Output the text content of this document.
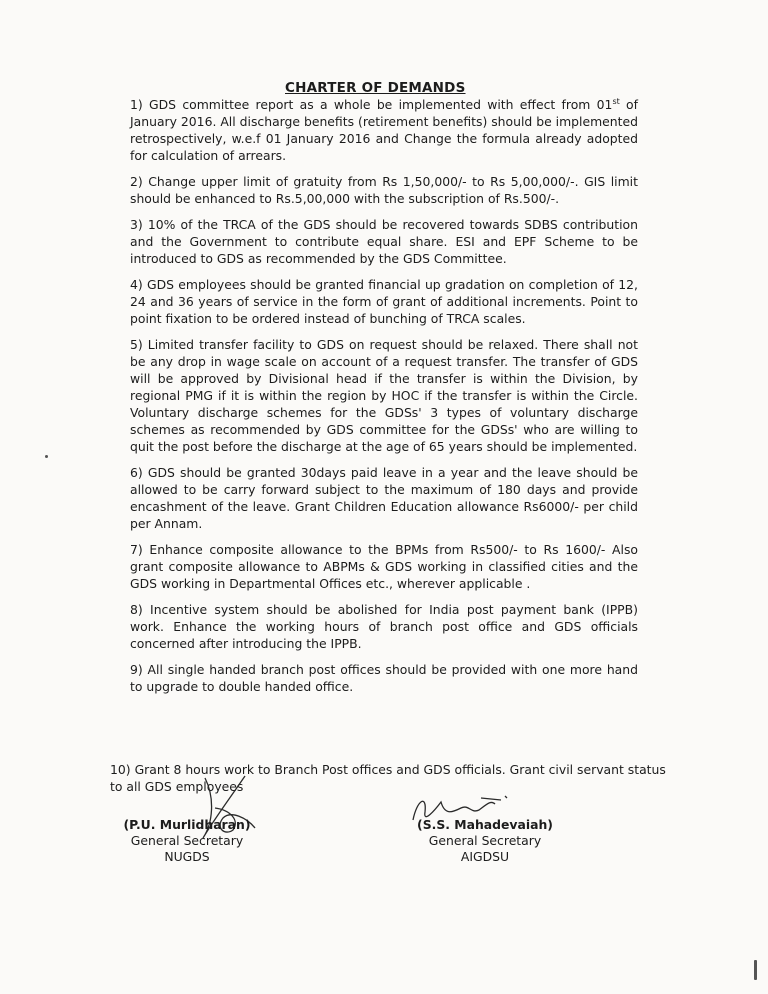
CHARTER OF DEMANDS

1) GDS committee report as a whole be implemented with effect from 01st of January 2016. All discharge benefits (retirement benefits) should be implemented retrospectively, w.e.f 01 January 2016 and Change the formula already adopted for calculation of arrears.

2) Change upper limit of gratuity from Rs 1,50,000/- to Rs 5,00,000/-. GIS limit should be enhanced to Rs.5,00,000 with the subscription of Rs.500/-.

3) 10% of the TRCA of the GDS should be recovered towards SDBS contribution and the Government to contribute equal share. ESI and EPF Scheme to be introduced to GDS as recommended by the GDS Committee.

4) GDS employees should be granted financial up gradation on completion of 12, 24 and 36 years of service in the form of grant of additional increments. Point to point fixation to be ordered instead of bunching of TRCA scales.

5) Limited transfer facility to GDS on request should be relaxed. There shall not be any drop in wage scale on account of a request transfer. The transfer of GDS will be approved by Divisional head if the transfer is within the Division, by regional PMG if it is within the region by HOC if the transfer is within the Circle. Voluntary discharge schemes for the GDSs' 3 types of voluntary discharge schemes as recommended by GDS committee for the GDSs' who are willing to quit the post before the discharge at the age of 65 years should be implemented.

6) GDS should be granted 30days paid leave in a year and the leave should be allowed to be carry forward subject to the maximum of 180 days and provide encashment of the leave. Grant Children Education allowance Rs6000/- per child per Annam.

7) Enhance composite allowance to the BPMs from Rs500/- to Rs 1600/- Also grant composite allowance to ABPMs & GDS working in classified cities and the GDS working in Departmental Offices etc., wherever applicable .

8) Incentive system should be abolished for India post payment bank (IPPB) work. Enhance the working hours of branch post office and GDS officials concerned after introducing the IPPB.

9) All single handed branch post offices should be provided with one more hand to upgrade to double handed office.

10) Grant 8 hours work to Branch Post offices and GDS officials. Grant civil servant status to all GDS employees

(P.U. Murlidharan)
General Secretary
NUGDS
(S.S. Mahadevaiah)
General Secretary
AIGDSU
